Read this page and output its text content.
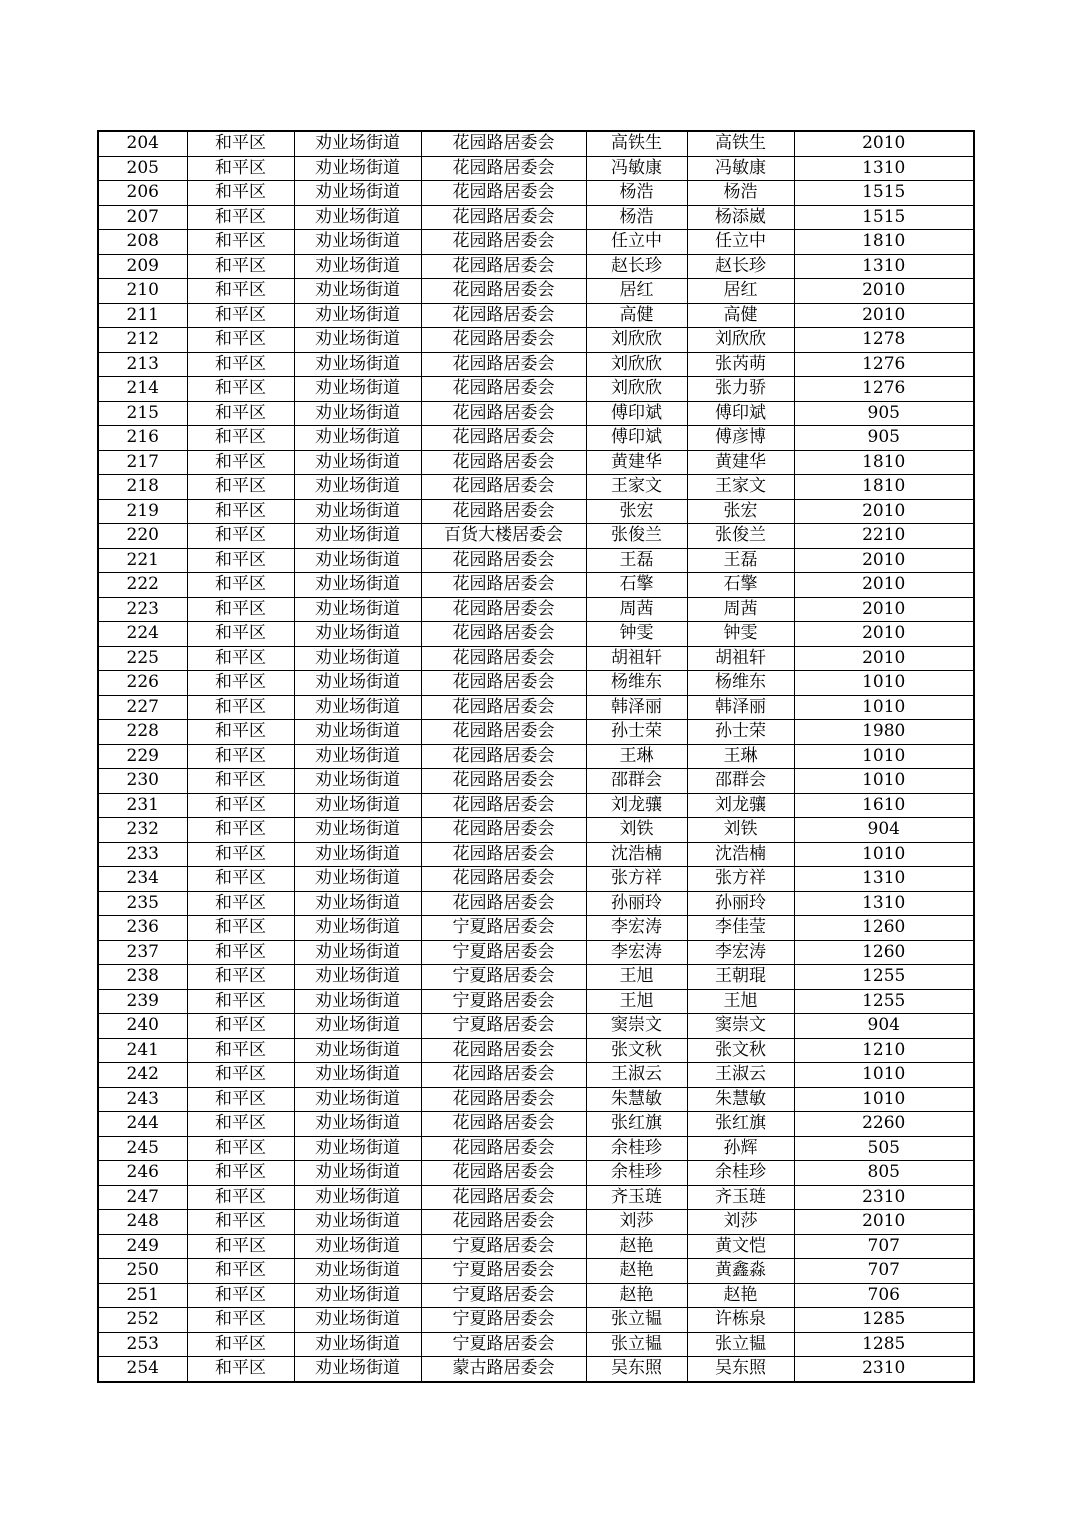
204	和平区	劝业场街道	花园路居委会	高铁生	高铁生	2010
205	和平区	劝业场街道	花园路居委会	冯敏康	冯敏康	1310
206	和平区	劝业场街道	花园路居委会	杨浩	杨浩	1515
207	和平区	劝业场街道	花园路居委会	杨浩	杨添崴	1515
208	和平区	劝业场街道	花园路居委会	任立中	任立中	1810
209	和平区	劝业场街道	花园路居委会	赵长珍	赵长珍	1310
210	和平区	劝业场街道	花园路居委会	居红	居红	2010
211	和平区	劝业场街道	花园路居委会	高健	高健	2010
212	和平区	劝业场街道	花园路居委会	刘欣欣	刘欣欣	1278
213	和平区	劝业场街道	花园路居委会	刘欣欣	张芮萌	1276
214	和平区	劝业场街道	花园路居委会	刘欣欣	张力骄	1276
215	和平区	劝业场街道	花园路居委会	傅印斌	傅印斌	905
216	和平区	劝业场街道	花园路居委会	傅印斌	傅彦博	905
217	和平区	劝业场街道	花园路居委会	黄建华	黄建华	1810
218	和平区	劝业场街道	花园路居委会	王家文	王家文	1810
219	和平区	劝业场街道	花园路居委会	张宏	张宏	2010
220	和平区	劝业场街道	百货大楼居委会	张俊兰	张俊兰	2210
221	和平区	劝业场街道	花园路居委会	王磊	王磊	2010
222	和平区	劝业场街道	花园路居委会	石擎	石擎	2010
223	和平区	劝业场街道	花园路居委会	周茜	周茜	2010
224	和平区	劝业场街道	花园路居委会	钟雯	钟雯	2010
225	和平区	劝业场街道	花园路居委会	胡祖轩	胡祖轩	2010
226	和平区	劝业场街道	花园路居委会	杨维东	杨维东	1010
227	和平区	劝业场街道	花园路居委会	韩泽丽	韩泽丽	1010
228	和平区	劝业场街道	花园路居委会	孙士荣	孙士荣	1980
229	和平区	劝业场街道	花园路居委会	王琳	王琳	1010
230	和平区	劝业场街道	花园路居委会	邵群会	邵群会	1010
231	和平区	劝业场街道	花园路居委会	刘龙骧	刘龙骧	1610
232	和平区	劝业场街道	花园路居委会	刘铁	刘铁	904
233	和平区	劝业场街道	花园路居委会	沈浩楠	沈浩楠	1010
234	和平区	劝业场街道	花园路居委会	张方祥	张方祥	1310
235	和平区	劝业场街道	花园路居委会	孙丽玲	孙丽玲	1310
236	和平区	劝业场街道	宁夏路居委会	李宏涛	李佳莹	1260
237	和平区	劝业场街道	宁夏路居委会	李宏涛	李宏涛	1260
238	和平区	劝业场街道	宁夏路居委会	王旭	王朝琨	1255
239	和平区	劝业场街道	宁夏路居委会	王旭	王旭	1255
240	和平区	劝业场街道	宁夏路居委会	窦崇文	窦崇文	904
241	和平区	劝业场街道	花园路居委会	张文秋	张文秋	1210
242	和平区	劝业场街道	花园路居委会	王淑云	王淑云	1010
243	和平区	劝业场街道	花园路居委会	朱慧敏	朱慧敏	1010
244	和平区	劝业场街道	花园路居委会	张红旗	张红旗	2260
245	和平区	劝业场街道	花园路居委会	余桂珍	孙辉	505
246	和平区	劝业场街道	花园路居委会	余桂珍	余桂珍	805
247	和平区	劝业场街道	花园路居委会	齐玉琏	齐玉琏	2310
248	和平区	劝业场街道	花园路居委会	刘莎	刘莎	2010
249	和平区	劝业场街道	宁夏路居委会	赵艳	黄文恺	707
250	和平区	劝业场街道	宁夏路居委会	赵艳	黄鑫淼	707
251	和平区	劝业场街道	宁夏路居委会	赵艳	赵艳	706
252	和平区	劝业场街道	宁夏路居委会	张立韫	许栋泉	1285
253	和平区	劝业场街道	宁夏路居委会	张立韫	张立韫	1285
254	和平区	劝业场街道	蒙古路居委会	吴东照	吴东照	2310
